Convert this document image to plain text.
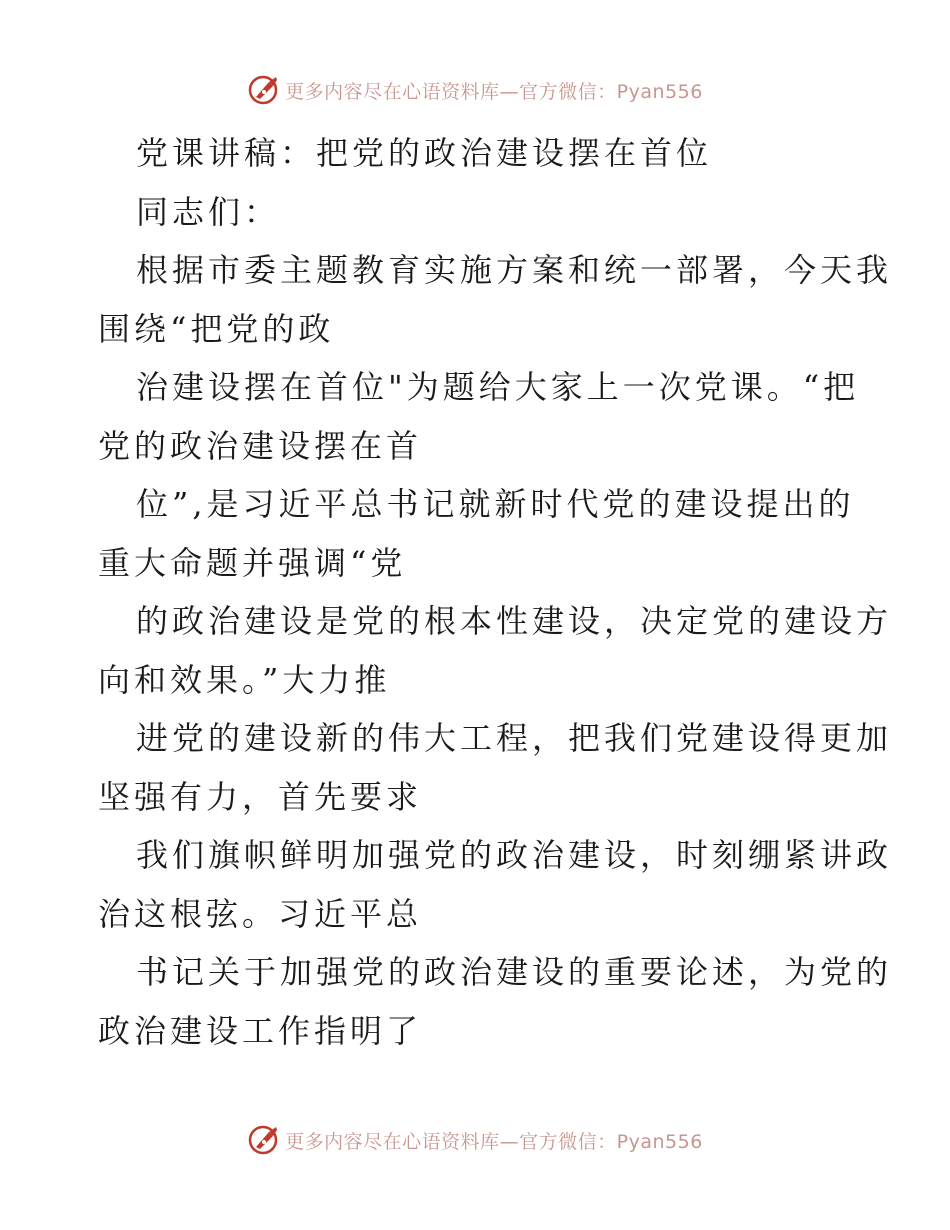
更多内容尽在心语资料库—官方微信：Pyan556
党课讲稿：把党的政治建设摆在首位
同志们：
根据市委主题教育实施方案和统一部署，今天我
围绕“把党的政
治建设摆在首位"为题给大家上一次党课。“把
党的政治建设摆在首
位”,是习近平总书记就新时代党的建设提出的
重大命题并强调“党
的政治建设是党的根本性建设，决定党的建设方
向和效果。”大力推
进党的建设新的伟大工程，把我们党建设得更加
坚强有力，首先要求
我们旗帜鲜明加强党的政治建设，时刻绷紧讲政
治这根弦。习近平总
书记关于加强党的政治建设的重要论述，为党的
政治建设工作指明了
更多内容尽在心语资料库—官方微信：Pyan556
